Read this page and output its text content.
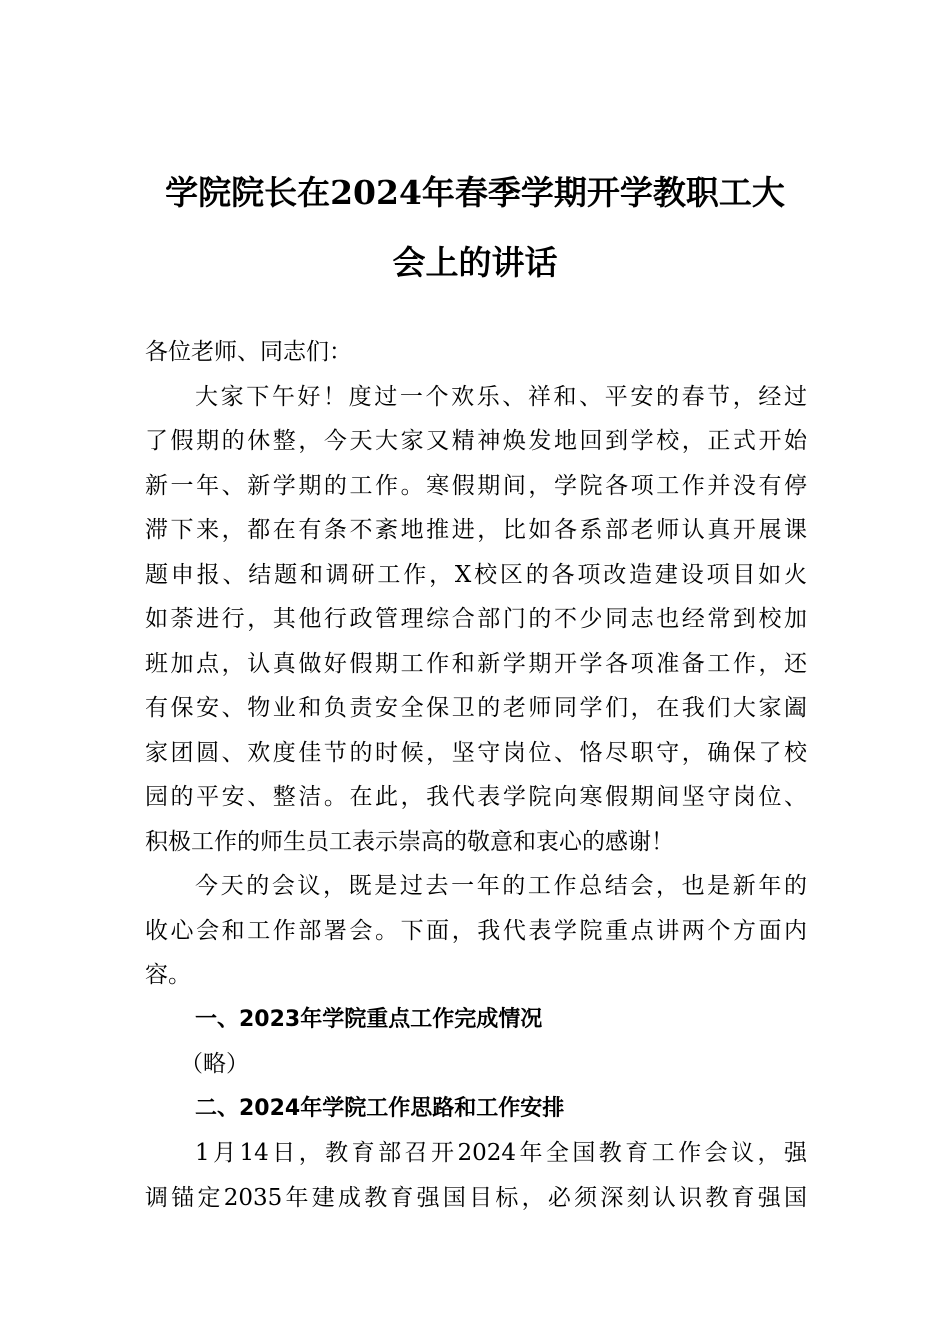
学院院长在2024年春季学期开学教职工大
会上的讲话
各位老师、同志们：
大家下午好！度过一个欢乐、祥和、平安的春节，经过
了假期的休整，今天大家又精神焕发地回到学校，正式开始
新一年、新学期的工作。寒假期间，学院各项工作并没有停
滞下来，都在有条不紊地推进，比如各系部老师认真开展课
题申报、结题和调研工作，X校区的各项改造建设项目如火
如荼进行，其他行政管理综合部门的不少同志也经常到校加
班加点，认真做好假期工作和新学期开学各项准备工作，还
有保安、物业和负责安全保卫的老师同学们，在我们大家阖
家团圆、欢度佳节的时候，坚守岗位、恪尽职守，确保了校
园的平安、整洁。在此，我代表学院向寒假期间坚守岗位、
积极工作的师生员工表示崇高的敬意和衷心的感谢！
今天的会议，既是过去一年的工作总结会，也是新年的
收心会和工作部署会。下面，我代表学院重点讲两个方面内
容。
一、2023年学院重点工作完成情况
（略）
二、2024年学院工作思路和工作安排
1月14日，教育部召开2024年全国教育工作会议，强
调锚定2035年建成教育强国目标，必须深刻认识教育强国
